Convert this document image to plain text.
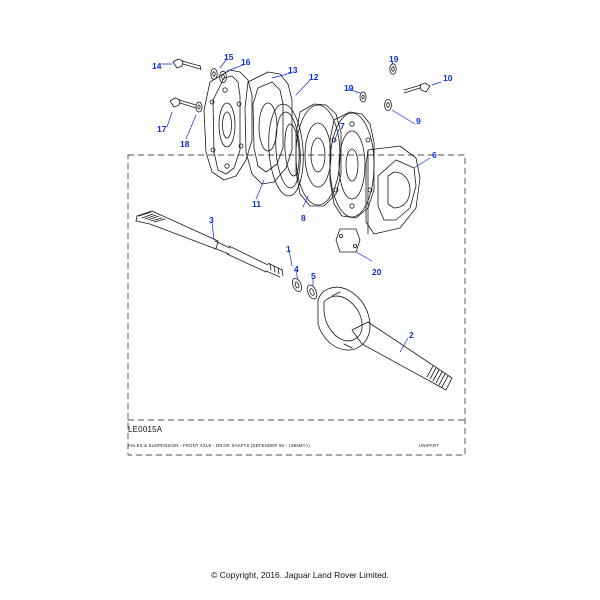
1
2
3
4
5
6
7
8
9
10
11
12
13
14
15 16
17
18
19
19
20
LE0015A
AXLES & SUSPENSION - FRONT AXLE - DRIVE SHAFTS (DEFENDER 90 - 1995MY>)	UNIPART
© Copyright, 2016. Jaguar Land Rover Limited.
